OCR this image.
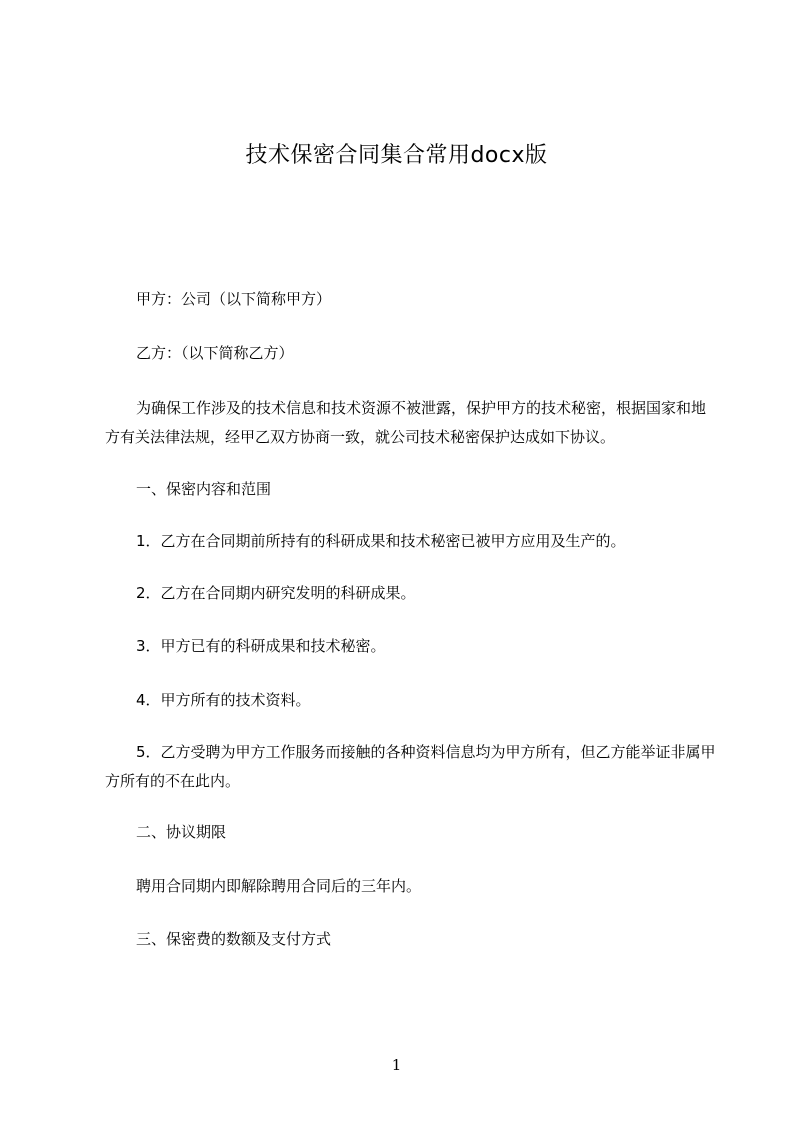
技术保密合同集合常用docx版
甲方：公司（以下简称甲方）
乙方：（以下简称乙方）
为确保工作涉及的技术信息和技术资源不被泄露，保护甲方的技术秘密，根据国家和地方有关法律法规，经甲乙双方协商一致，就公司技术秘密保护达成如下协议。
一、保密内容和范围
1．乙方在合同期前所持有的科研成果和技术秘密已被甲方应用及生产的。
2．乙方在合同期内研究发明的科研成果。
3．甲方已有的科研成果和技术秘密。
4．甲方所有的技术资料。
5．乙方受聘为甲方工作服务而接触的各种资料信息均为甲方所有，但乙方能举证非属甲方所有的不在此内。
二、协议期限
聘用合同期内即解除聘用合同后的三年内。
三、保密费的数额及支付方式
1
